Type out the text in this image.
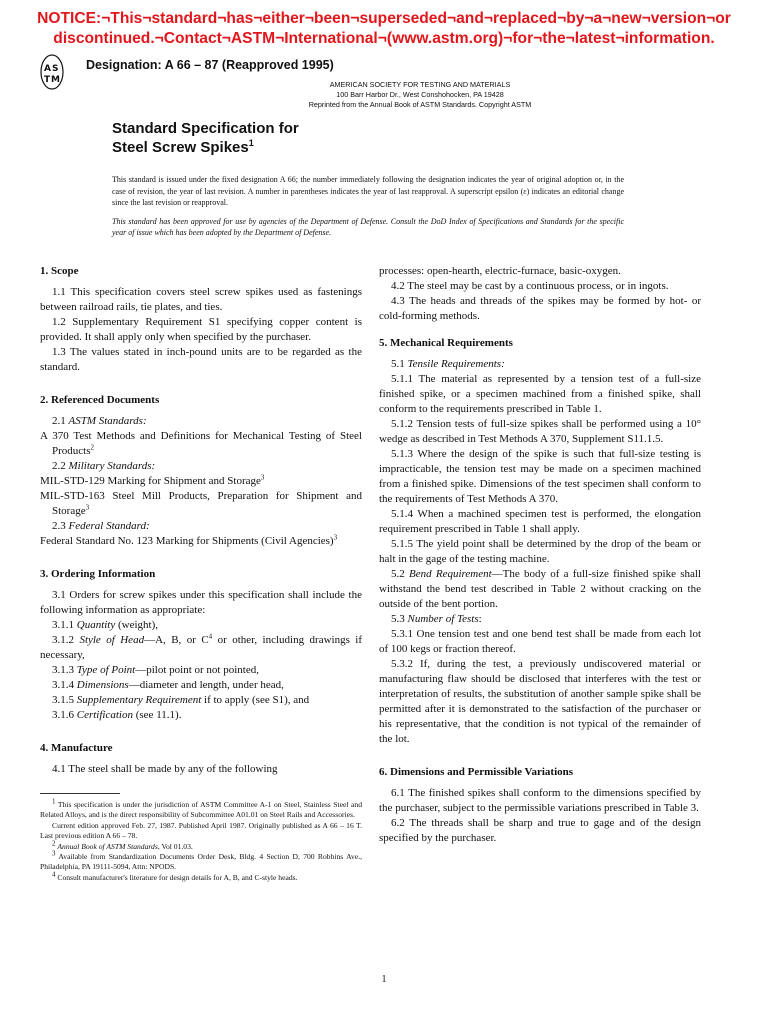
NOTICE:¬This¬standard¬has¬either¬been¬superseded¬and¬replaced¬by¬a¬new¬version¬or
discontinued.¬Contact¬ASTM¬International¬(www.astm.org)¬for¬the¬latest¬information.
A S
T M
Designation: A 66 – 87 (Reapproved 1995)
AMERICAN SOCIETY FOR TESTING AND MATERIALS
100 Barr Harbor Dr., West Conshohocken, PA 19428
Reprinted from the Annual Book of ASTM Standards. Copyright ASTM
Standard Specification for
Steel Screw Spikes$^1$

This standard is issued under the fixed designation A 66; the number immediately following the designation indicates the year of original adoption or, in the case of revision, the year of last revision. A number in parentheses indicates the year of last reapproval. A superscript epsilon (ε) indicates an editorial change since the last revision or reapproval.

This standard has been approved for use by agencies of the Department of Defense. Consult the DoD Index of Specifications and Standards for the specific year of issue which has been adopted by the Department of Defense.

1. Scope

1.1 This specification covers steel screw spikes used as fastenings between railroad rails, tie plates, and ties.

1.2 Supplementary Requirement S1 specifying copper content is provided. It shall apply only when specified by the purchaser.

1.3 The values stated in inch-pound units are to be regarded as the standard.

2. Referenced Documents

2.1 ASTM Standards:

A 370 Test Methods and Definitions for Mechanical Testing of Steel Products$^2$

2.2 Military Standards:

MIL-STD-129 Marking for Shipment and Storage$^3$

MIL-STD-163 Steel Mill Products, Preparation for Shipment and Storage$^3$

2.3 Federal Standard:

Federal Standard No. 123 Marking for Shipments (Civil Agencies)$^3$

3. Ordering Information

3.1 Orders for screw spikes under this specification shall include the following information as appropriate:

3.1.1 Quantity (weight),

3.1.2 Style of Head—A, B, or $C^4$ or other, including drawings if necessary,

3.1.3 Type of Point—pilot point or not pointed,

3.1.4 Dimensions—diameter and length, under head,

3.1.5 Supplementary Requirement if to apply (see S1), and

3.1.6 Certification (see 11.1).

4. Manufacture

4.1 The steel shall be made by any of the following

$^1$ This specification is under the jurisdiction of ASTM Committee A-1 on Steel, Stainless Steel and Related Alloys, and is the direct responsibility of Subcommittee A01.01 on Steel Rails and Accessories.

Current edition approved Feb. 27, 1987. Published April 1987. Originally published as A 66 – 16 T. Last previous edition A 66 – 78.

$^2$ Annual Book of ASTM Standards, Vol 01.03.

$^3$ Available from Standardization Documents Order Desk, Bldg. 4 Section D, 700 Robbins Ave., Philadelphia, PA 19111-5094, Attn: NPODS.

$^4$ Consult manufacturer's literature for design details for A, B, and C-style heads.

processes: open-hearth, electric-furnace, basic-oxygen.

4.2 The steel may be cast by a continuous process, or in ingots.

4.3 The heads and threads of the spikes may be formed by hot- or cold-forming methods.

5. Mechanical Requirements

5.1 Tensile Requirements:

5.1.1 The material as represented by a tension test of a full-size finished spike, or a specimen machined from a finished spike, shall conform to the requirements prescribed in Table 1.

5.1.2 Tension tests of full-size spikes shall be performed using a 10° wedge as described in Test Methods A 370, Supplement S11.1.5.

5.1.3 Where the design of the spike is such that full-size testing is impracticable, the tension test may be made on a specimen machined from a finished spike. Dimensions of the test specimen shall conform to the requirements of Test Methods A 370.

5.1.4 When a machined specimen test is performed, the elongation requirement prescribed in Table 1 shall apply.

5.1.5 The yield point shall be determined by the drop of the beam or halt in the gage of the testing machine.

5.2 Bend Requirement—The body of a full-size finished spike shall withstand the bend test described in Table 2 without cracking on the outside of the bent portion.

5.3 Number of Tests:

5.3.1 One tension test and one bend test shall be made from each lot of 100 kegs or fraction thereof.

5.3.2 If, during the test, a previously undiscovered material or manufacturing flaw should be disclosed that interferes with the test or interpretation of results, the substitution of another sample spike shall be permitted after it is demonstrated to the satisfaction of the purchaser or his representative, that the condition is not typical of the remainder of the lot.

6. Dimensions and Permissible Variations

6.1 The finished spikes shall conform to the dimensions specified by the purchaser, subject to the permissible variations prescribed in Table 3.

6.2 The threads shall be sharp and true to gage and of the design specified by the purchaser.

1
